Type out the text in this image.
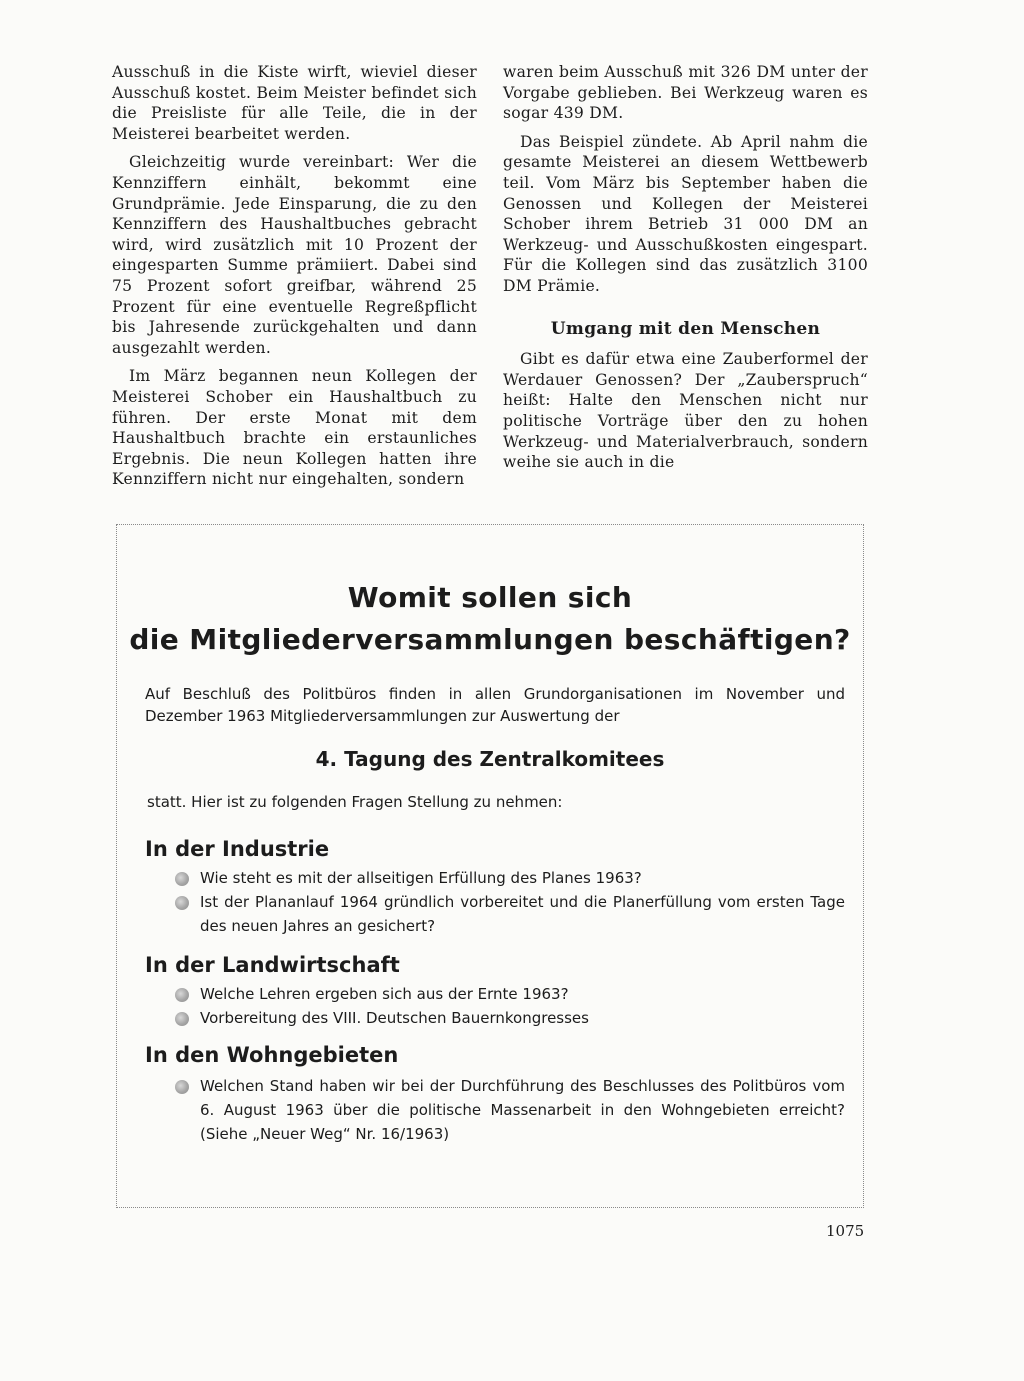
Ausschuß in die Kiste wirft, wieviel dieser Ausschuß kostet. Beim Meister befindet sich die Preisliste für alle Teile, die in der Meisterei bearbeitet werden.

Gleichzeitig wurde vereinbart: Wer die Kennziffern einhält, bekommt eine Grundprämie. Jede Einsparung, die zu den Kennziffern des Haushaltbuches gebracht wird, wird zusätzlich mit 10 Prozent der eingesparten Summe prämiiert. Dabei sind 75 Prozent sofort greifbar, während 25 Prozent für eine eventuelle Regreßpflicht bis Jahresende zurückgehalten und dann ausgezahlt werden.

Im März begannen neun Kollegen der Meisterei Schober ein Haushaltbuch zu führen. Der erste Monat mit dem Haushaltbuch brachte ein erstaunliches Ergebnis. Die neun Kollegen hatten ihre Kennziffern nicht nur eingehalten, sondern

waren beim Ausschuß mit 326 DM unter der Vorgabe geblieben. Bei Werkzeug waren es sogar 439 DM.

Das Beispiel zündete. Ab April nahm die gesamte Meisterei an diesem Wettbewerb teil. Vom März bis September haben die Genossen und Kollegen der Meisterei Schober ihrem Betrieb 31 000 DM an Werkzeug- und Ausschußkosten eingespart. Für die Kollegen sind das zusätzlich 3100 DM Prämie.

Umgang mit den Menschen

Gibt es dafür etwa eine Zauberformel der Werdauer Genossen? Der „Zauberspruch“ heißt: Halte den Menschen nicht nur politische Vorträge über den zu hohen Werkzeug- und Materialverbrauch, sondern weihe sie auch in die

Womit sollen sich
die Mitgliederversammlungen beschäftigen?
Auf Beschluß des Politbüros finden in allen Grundorganisationen im November und Dezember 1963 Mitgliederversammlungen zur Auswertung der
4. Tagung des Zentralkomitees
statt. Hier ist zu folgenden Fragen Stellung zu nehmen:
In der Industrie
Wie steht es mit der allseitigen Erfüllung des Planes 1963?
Ist der Plananlauf 1964 gründlich vorbereitet und die Planerfüllung vom ersten Tage des neuen Jahres an gesichert?
In der Landwirtschaft
Welche Lehren ergeben sich aus der Ernte 1963?
Vorbereitung des VIII. Deutschen Bauernkongresses
In den Wohngebieten
Welchen Stand haben wir bei der Durchführung des Beschlusses des Politbüros vom 6. August 1963 über die politische Massenarbeit in den Wohngebieten erreicht? (Siehe „Neuer Weg“ Nr. 16/1963)
1075
